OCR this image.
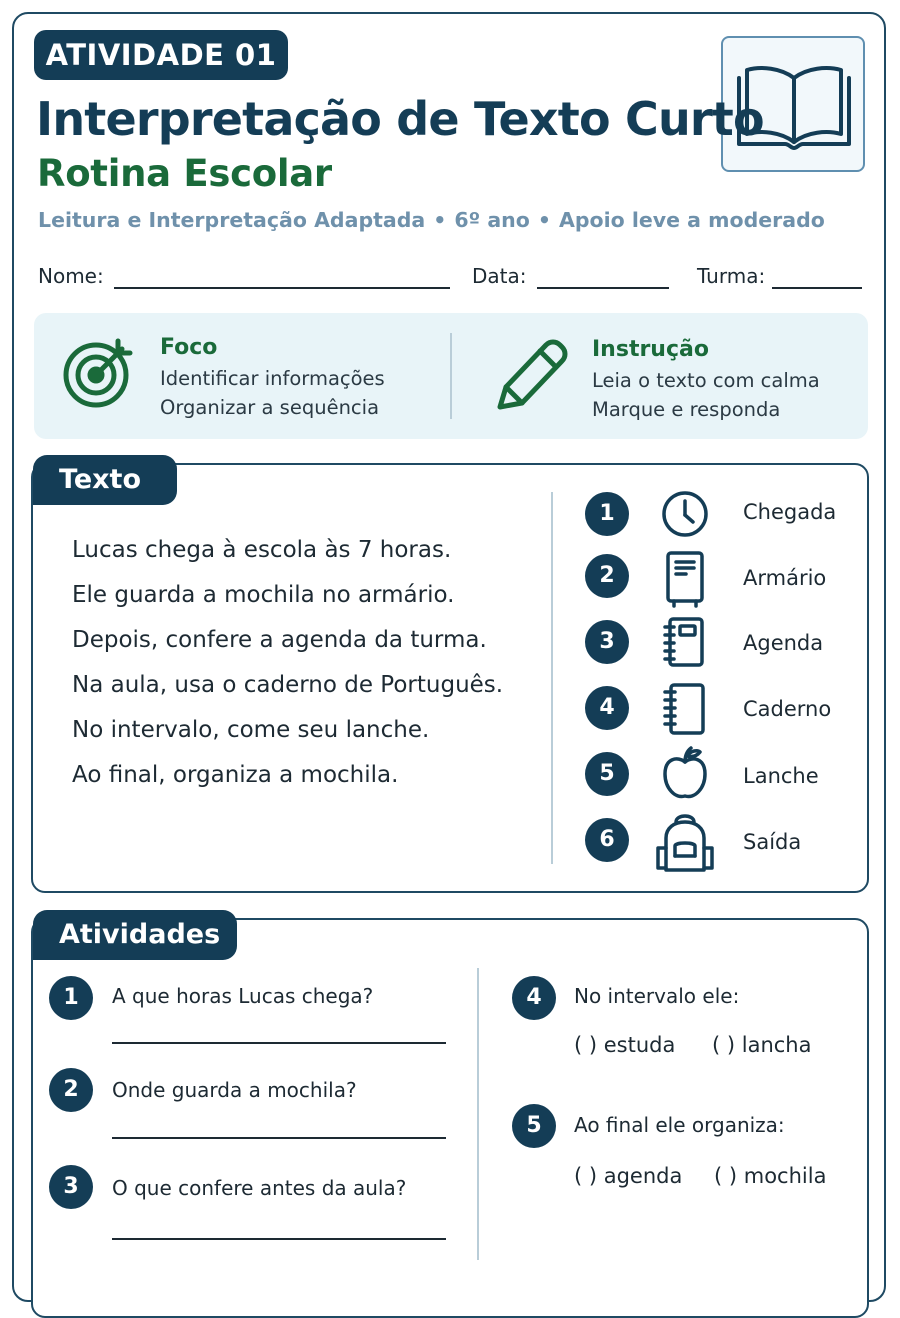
ATIVIDADE 01
Interpretação de Texto Curto
Rotina Escolar
Leitura e Interpretação Adaptada • 6º ano • Apoio leve a moderado
Nome:	Data:	Turma:
Foco
Identificar informações
Organizar a sequência
Instrução
Leia o texto com calma
Marque e responda
Texto
Lucas chega à escola às 7 horas.
Ele guarda a mochila no armário.
Depois, confere a agenda da turma.
Na aula, usa o caderno de Português.
No intervalo, come seu lanche.
Ao final, organiza a mochila.
1	Chegada
2	Armário
3	Agenda
4	Caderno
5	Lanche
6	Saída
Atividades
1	A que horas Lucas chega?
2	Onde guarda a mochila?
3	O que confere antes da aula?
4	No intervalo ele:
( ) estuda ( ) lancha
5	Ao final ele organiza:
( ) agenda ( ) mochila
